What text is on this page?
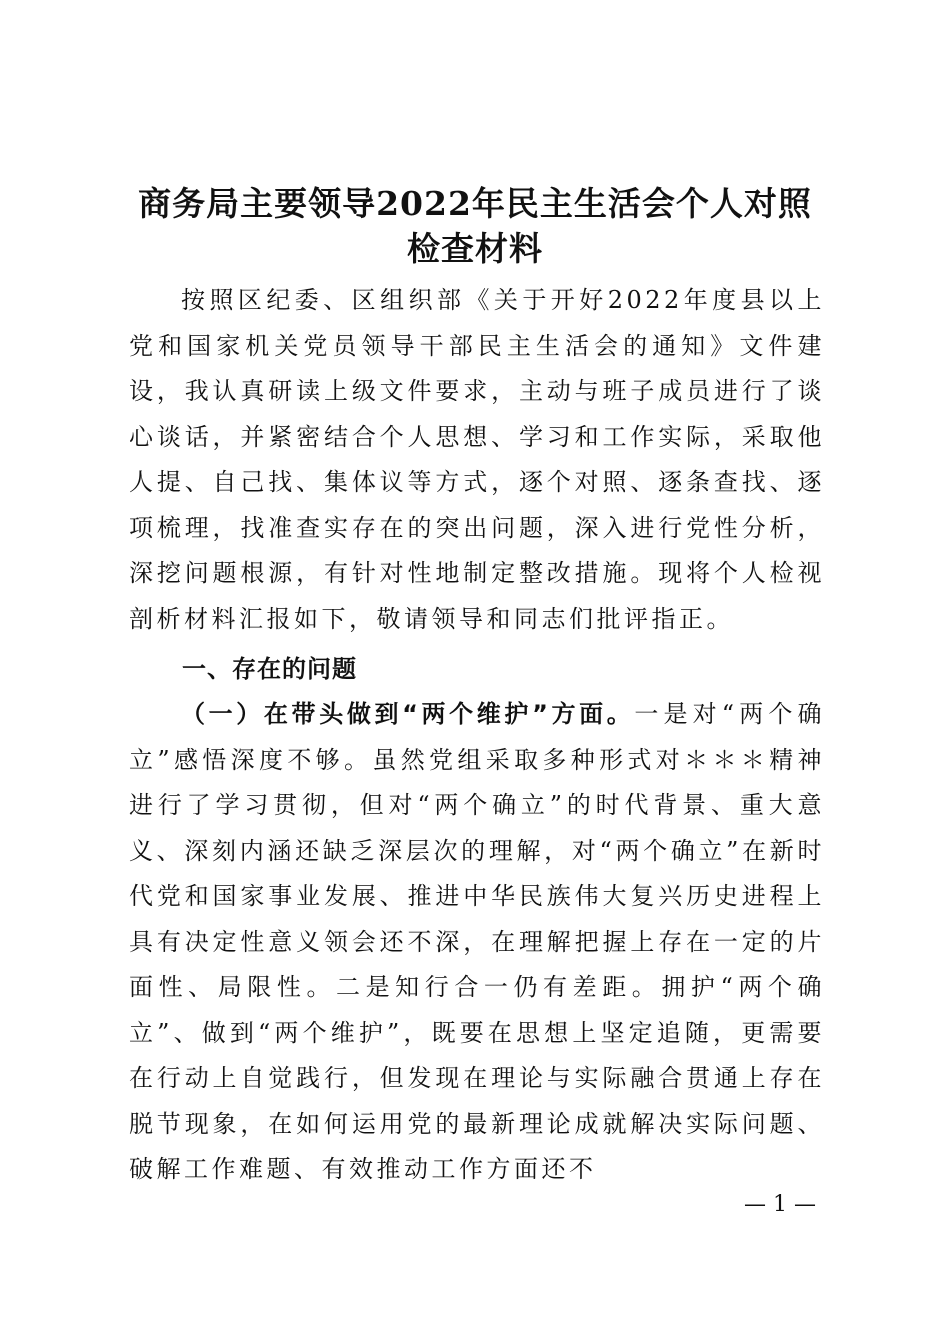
商务局主要领导2022年民主生活会个人对照
检查材料

按照区纪委、区组织部《关于开好2022年度县以上党和国家机关党员领导干部民主生活会的通知》文件建设，我认真研读上级文件要求，主动与班子成员进行了谈心谈话，并紧密结合个人思想、学习和工作实际，采取他人提、自己找、集体议等方式，逐个对照、逐条查找、逐项梳理，找准查实存在的突出问题，深入进行党性分析，深挖问题根源，有针对性地制定整改措施。现将个人检视剖析材料汇报如下，敬请领导和同志们批评指正。

一、存在的问题

（一）在带头做到“两个维护”方面。一是对“两个确立”感悟深度不够。虽然党组采取多种形式对＊＊＊精神进行了学习贯彻，但对“两个确立”的时代背景、重大意义、深刻内涵还缺乏深层次的理解，对“两个确立”在新时代党和国家事业发展、推进中华民族伟大复兴历史进程上具有决定性意义领会还不深，在理解把握上存在一定的片面性、局限性。二是知行合一仍有差距。拥护“两个确立”、做到“两个维护”，既要在思想上坚定追随，更需要在行动上自觉践行，但发现在理论与实际融合贯通上存在脱节现象，在如何运用党的最新理论成就解决实际问题、破解工作难题、有效推动工作方面还不

— 1 —
